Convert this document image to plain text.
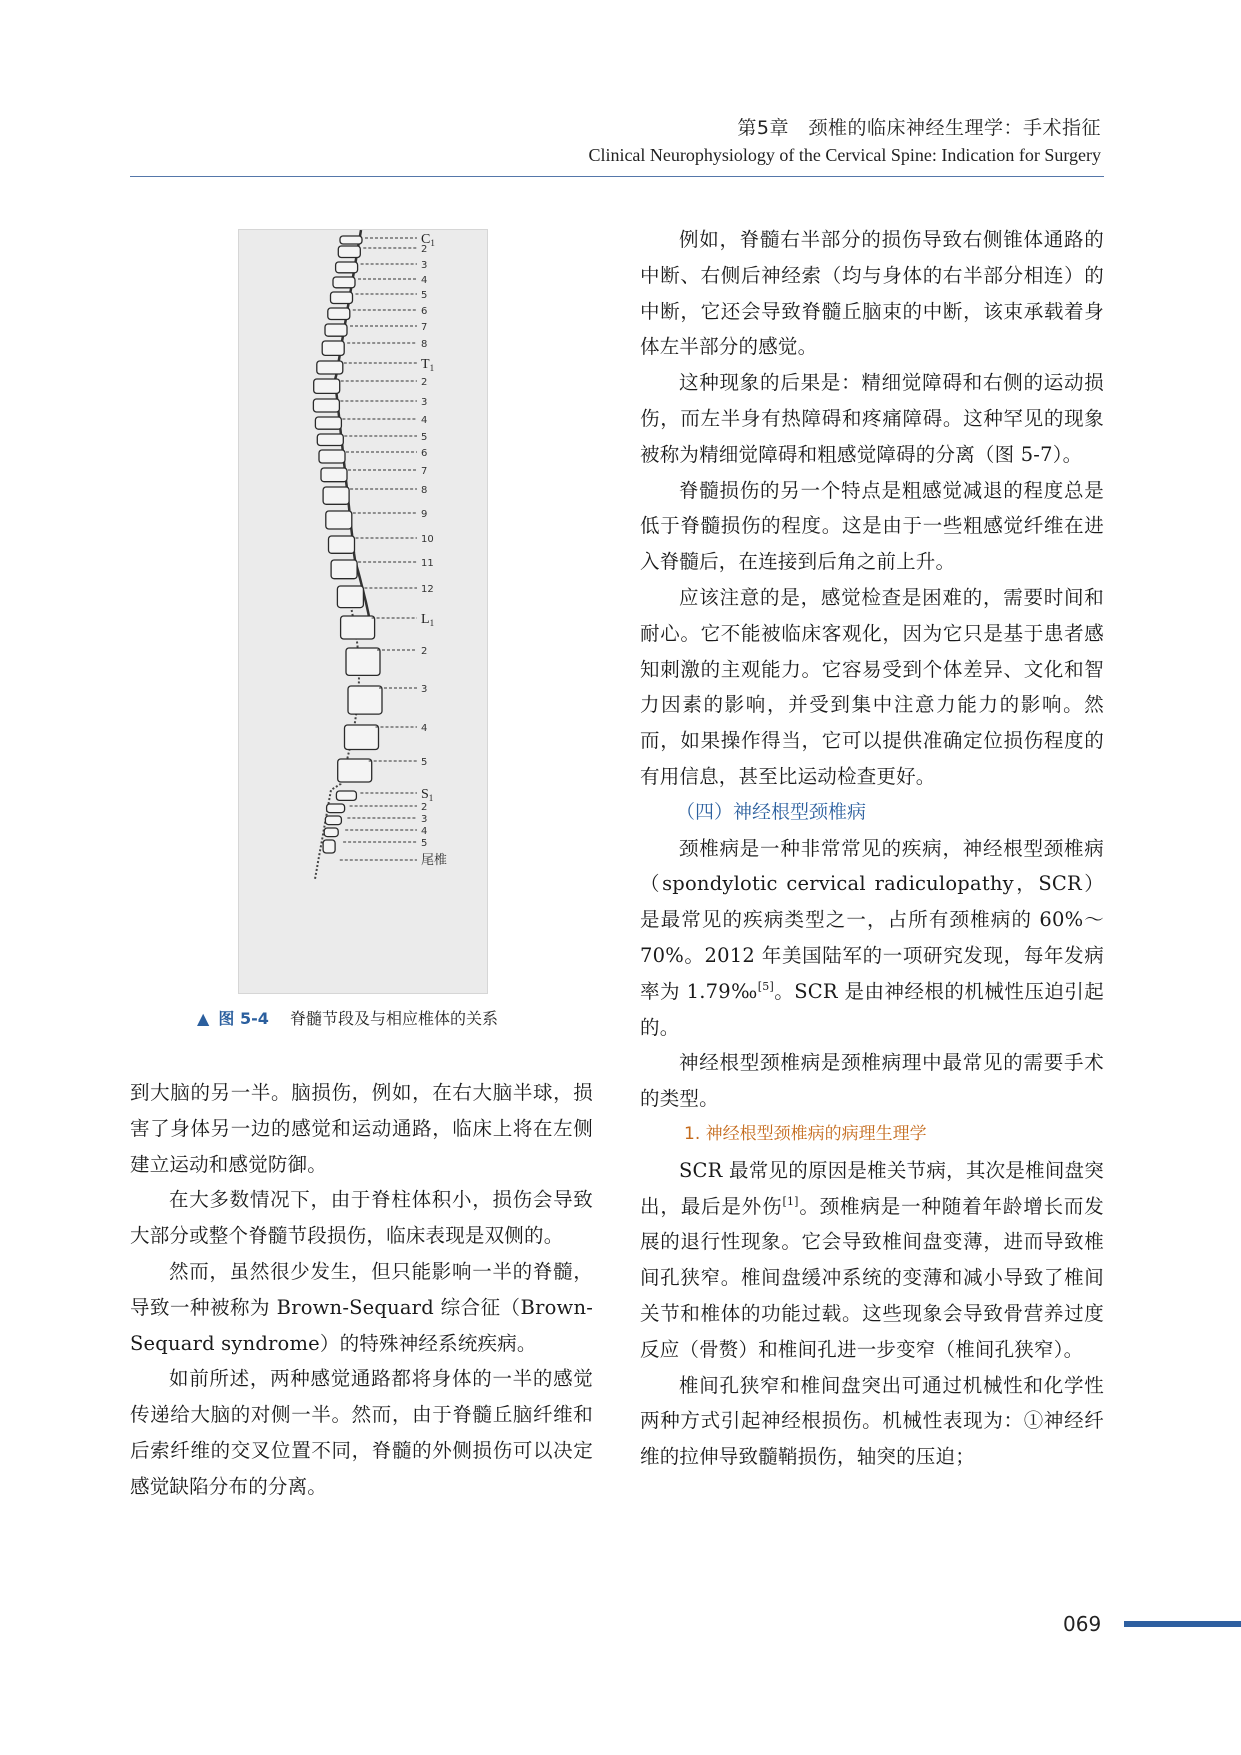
第5章　颈椎的临床神经生理学：手术指征
Clinical Neurophysiology of the Cervical Spine: Indication for Surgery
$C_1$
2
3
4
5
6
7
8
$T_1$
2
3
4
5
6
7
8
9
10
11
12
$L_1$
2
3
4
5
$S_1$
2
3
4
5
尾椎
▲ 图 5-4 脊髓节段及与相应椎体的关系

到大脑的另一半。脑损伤，例如，在右大脑半球，损害了身体另一边的感觉和运动通路，临床上将在左侧建立运动和感觉防御。

在大多数情况下，由于脊柱体积小，损伤会导致大部分或整个脊髓节段损伤，临床表现是双侧的。

然而，虽然很少发生，但只能影响一半的脊髓，导致一种被称为 Brown-Sequard 综合征（Brown-Sequard syndrome）的特殊神经系统疾病。

如前所述，两种感觉通路都将身体的一半的感觉传递给大脑的对侧一半。然而，由于脊髓丘脑纤维和后索纤维的交叉位置不同，脊髓的外侧损伤可以决定感觉缺陷分布的分离。

例如，脊髓右半部分的损伤导致右侧锥体通路的中断、右侧后神经索（均与身体的右半部分相连）的中断，它还会导致脊髓丘脑束的中断，该束承载着身体左半部分的感觉。

这种现象的后果是：精细觉障碍和右侧的运动损伤，而左半身有热障碍和疼痛障碍。这种罕见的现象被称为精细觉障碍和粗感觉障碍的分离（图 5-7）。

脊髓损伤的另一个特点是粗感觉减退的程度总是低于脊髓损伤的程度。这是由于一些粗感觉纤维在进入脊髓后，在连接到后角之前上升。

应该注意的是，感觉检查是困难的，需要时间和耐心。它不能被临床客观化，因为它只是基于患者感知刺激的主观能力。它容易受到个体差异、文化和智力因素的影响，并受到集中注意力能力的影响。然而，如果操作得当，它可以提供准确定位损伤程度的有用信息，甚至比运动检查更好。

（四）神经根型颈椎病

颈椎病是一种非常常见的疾病，神经根型颈椎病（spondylotic cervical radiculopathy，SCR）是最常见的疾病类型之一，占所有颈椎病的 60%～70%。2012 年美国陆军的一项研究发现，每年发病率为 1.79‰[5]。SCR 是由神经根的机械性压迫引起的。

神经根型颈椎病是颈椎病理中最常见的需要手术的类型。

1. 神经根型颈椎病的病理生理学

SCR 最常见的原因是椎关节病，其次是椎间盘突出，最后是外伤[1]。颈椎病是一种随着年龄增长而发展的退行性现象。它会导致椎间盘变薄，进而导致椎间孔狭窄。椎间盘缓冲系统的变薄和减小导致了椎间关节和椎体的功能过载。这些现象会导致骨营养过度反应（骨赘）和椎间孔进一步变窄（椎间孔狭窄）。

椎间孔狭窄和椎间盘突出可通过机械性和化学性两种方式引起神经根损伤。机械性表现为：①神经纤维的拉伸导致髓鞘损伤，轴突的压迫；

069
